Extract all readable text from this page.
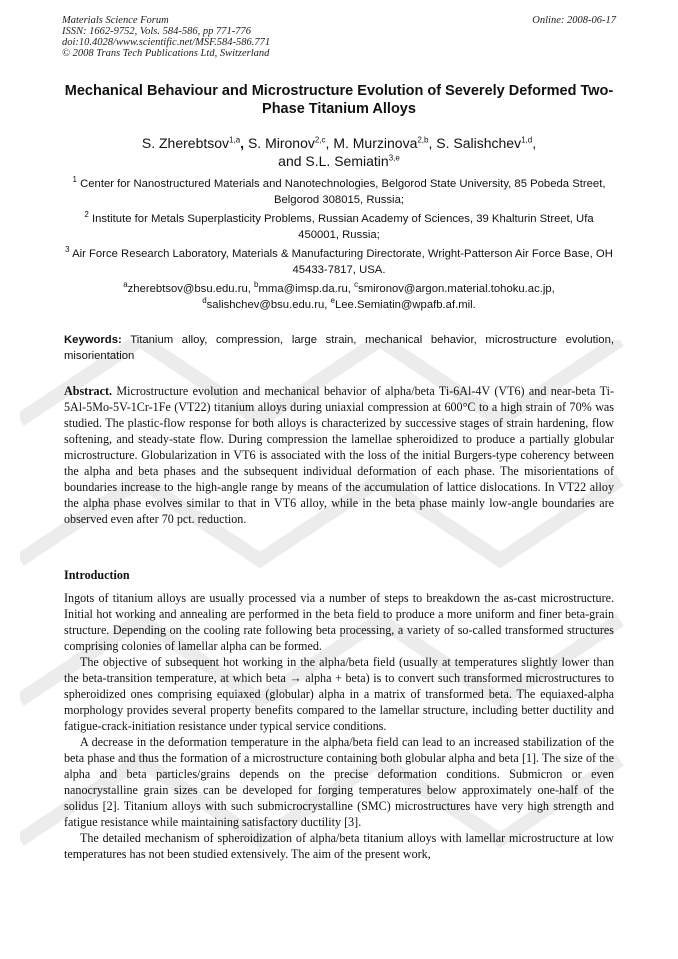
Materials Science Forum
ISSN: 1662-9752, Vols. 584-586, pp 771-776
doi:10.4028/www.scientific.net/MSF.584-586.771
© 2008 Trans Tech Publications Ltd, Switzerland
Online: 2008-06-17
Mechanical Behaviour and Microstructure Evolution of Severely Deformed Two-Phase Titanium Alloys
S. Zherebtsov$^{1,a}$, S. Mironov$^{2,c}$, M. Murzinova$^{2,b}$, S. Salishchev$^{1,d}$,
and S.L. Semiatin$^{3,e}$
$^1$ Center for Nanostructured Materials and Nanotechnologies, Belgorod State University, 85 Pobeda Street, Belgorod 308015, Russia;
$^2$ Institute for Metals Superplasticity Problems, Russian Academy of Sciences, 39 Khalturin Street, Ufa 450001, Russia;
$^3$ Air Force Research Laboratory, Materials & Manufacturing Directorate, Wright-Patterson Air Force Base, OH 45433-7817, USA.
$^a$zherebtsov@bsu.edu.ru, $^b$mma@imsp.da.ru, $^c$smironov@argon.material.tohoku.ac.jp,
$^d$salishchev@bsu.edu.ru, $^e$Lee.Semiatin@wpafb.af.mil.
Keywords: Titanium alloy, compression, large strain, mechanical behavior, microstructure evolution, misorientation
Abstract. Microstructure evolution and mechanical behavior of alpha/beta Ti-6Al-4V (VT6) and near-beta Ti-5Al-5Mo-5V-1Cr-1Fe (VT22) titanium alloys during uniaxial compression at 600°C to a high strain of 70% was studied. The plastic-flow response for both alloys is characterized by successive stages of strain hardening, flow softening, and steady-state flow. During compression the lamellae spheroidized to produce a partially globular microstructure. Globularization in VT6 is associated with the loss of the initial Burgers-type coherency between the alpha and beta phases and the subsequent individual deformation of each phase. The misorientations of boundaries increase to the high-angle range by means of the accumulation of lattice dislocations. In VT22 alloy the alpha phase evolves similar to that in VT6 alloy, while in the beta phase mainly low-angle boundaries are observed even after 70 pct. reduction.
Introduction

Ingots of titanium alloys are usually processed via a number of steps to breakdown the as-cast microstructure. Initial hot working and annealing are performed in the beta field to produce a more uniform and finer beta-grain structure. Depending on the cooling rate following beta processing, a variety of so-called transformed structures comprising colonies of lamellar alpha can be formed.

The objective of subsequent hot working in the alpha/beta field (usually at temperatures slightly lower than the beta-transition temperature, at which beta → alpha + beta) is to convert such transformed microstructures to spheroidized ones comprising equiaxed (globular) alpha in a matrix of transformed beta. The equiaxed-alpha morphology provides several property benefits compared to the lamellar structure, including better ductility and fatigue-crack-initiation resistance under typical service conditions.

A decrease in the deformation temperature in the alpha/beta field can lead to an increased stabilization of the beta phase and thus the formation of a microstructure containing both globular alpha and beta [1]. The size of the alpha and beta particles/grains depends on the precise deformation conditions. Submicron or even nanocrystalline grain sizes can be developed for forging temperatures below approximately one-half of the solidus [2]. Titanium alloys with such submicrocrystalline (SMC) microstructures have very high strength and fatigue resistance while maintaining satisfactory ductility [3].

The detailed mechanism of spheroidization of alpha/beta titanium alloys with lamellar microstructure at low temperatures has not been studied extensively. The aim of the present work,
